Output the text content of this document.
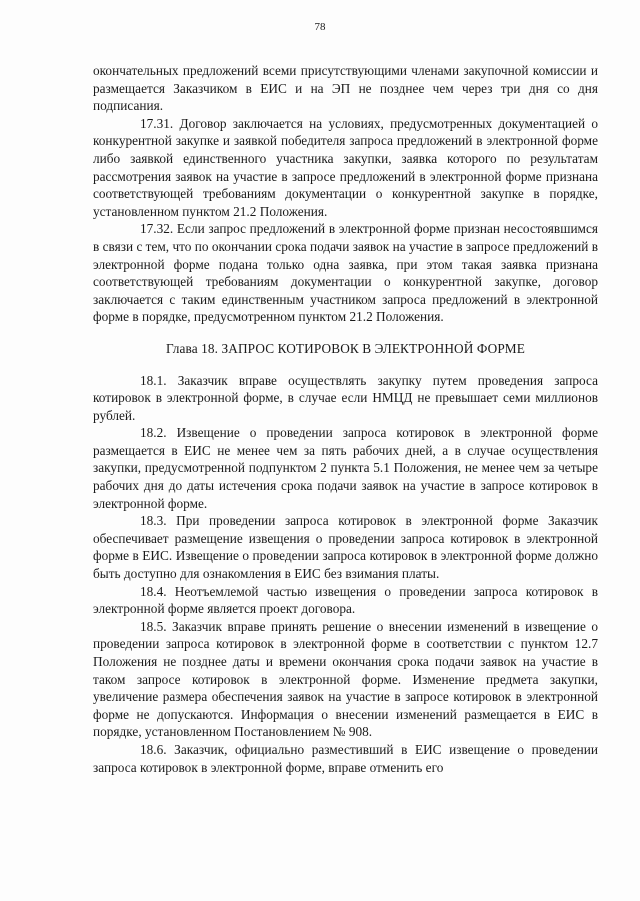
78

окончательных предложений всеми присутствующими членами закупочной комиссии и размещается Заказчиком в ЕИС и на ЭП не позднее чем через три дня со дня подписания.

17.31. Договор заключается на условиях, предусмотренных документацией о конкурентной закупке и заявкой победителя запроса предложений в электронной форме либо заявкой единственного участника закупки, заявка которого по результатам рассмотрения заявок на участие в запросе предложений в электронной форме признана соответствующей требованиям документации о конкурентной закупке в порядке, установленном пунктом 21.2 Положения.

17.32. Если запрос предложений в электронной форме признан несостоявшимся в связи с тем, что по окончании срока подачи заявок на участие в запросе предложений в электронной форме подана только одна заявка, при этом такая заявка признана соответствующей требованиям документации о конкурентной закупке, договор заключается с таким единственным участником запроса предложений в электронной форме в порядке, предусмотренном пунктом 21.2 Положения.

Глава 18. ЗАПРОС КОТИРОВОК В ЭЛЕКТРОННОЙ ФОРМЕ

18.1. Заказчик вправе осуществлять закупку путем проведения запроса котировок в электронной форме, в случае если НМЦД не превышает семи миллионов рублей.

18.2. Извещение о проведении запроса котировок в электронной форме размещается в ЕИС не менее чем за пять рабочих дней, а в случае осуществления закупки, предусмотренной подпунктом 2 пункта 5.1 Положения, не менее чем за четыре рабочих дня до даты истечения срока подачи заявок на участие в запросе котировок в электронной форме.

18.3. При проведении запроса котировок в электронной форме Заказчик обеспечивает размещение извещения о проведении запроса котировок в электронной форме в ЕИС. Извещение о проведении запроса котировок в электронной форме должно быть доступно для ознакомления в ЕИС без взимания платы.

18.4. Неотъемлемой частью извещения о проведении запроса котировок в электронной форме является проект договора.

18.5. Заказчик вправе принять решение о внесении изменений в извещение о проведении запроса котировок в электронной форме в соответствии с пунктом 12.7 Положения не позднее даты и времени окончания срока подачи заявок на участие в таком запросе котировок в электронной форме. Изменение предмета закупки, увеличение размера обеспечения заявок на участие в запросе котировок в электронной форме не допускаются. Информация о внесении изменений размещается в ЕИС в порядке, установленном Постановлением № 908.

18.6. Заказчик, официально разместивший в ЕИС извещение о проведении запроса котировок в электронной форме, вправе отменить его
